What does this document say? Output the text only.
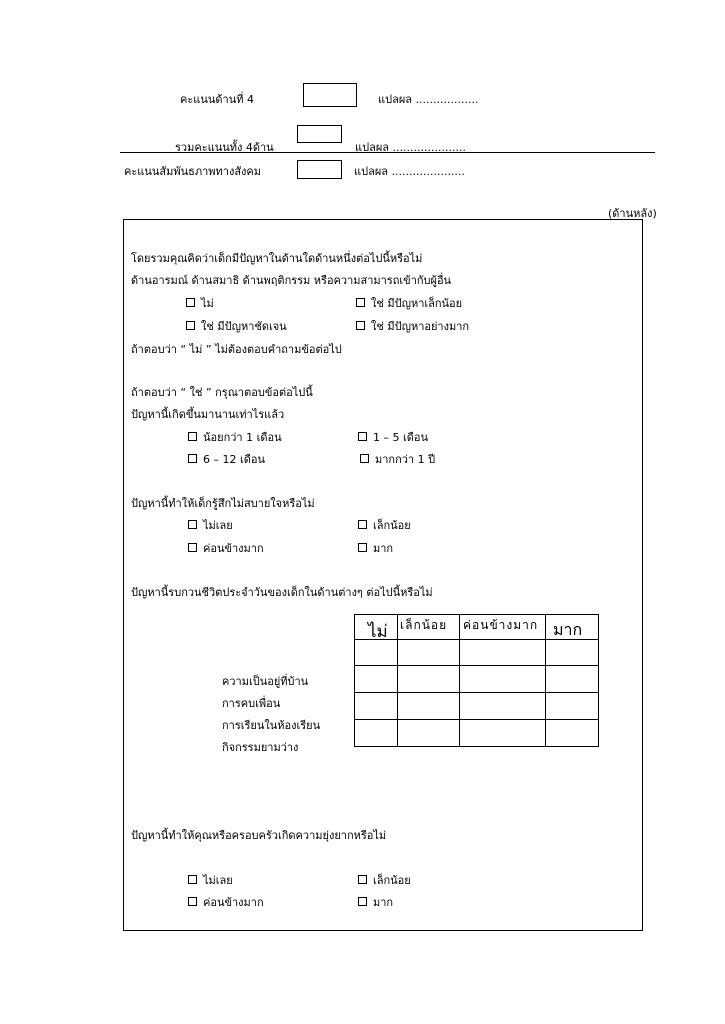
คะแนนด้านที่ 4	แปลผล ..................
รวมคะแนนทั้ง 4ด้าน	แปลผล .....................
คะแนนสัมพันธภาพทางสังคม	แปลผล .....................
(ด้านหลัง)
โดยรวมคุณคิดว่าเด็กมีปัญหาในด้านใดด้านหนึ่งต่อไปนี้หรือไม่
ด้านอารมณ์ ด้านสมาธิ ด้านพฤติกรรม หรือความสามารถเข้ากับผู้อื่น
ไม่	ใช่ มีปัญหาเล็กน้อย
ใช่ มีปัญหาชัดเจน	ใช่ มีปัญหาอย่างมาก
ถ้าตอบว่า “ ไม่ ” ไม่ต้องตอบคำถามข้อต่อไป
ถ้าตอบว่า “ ใช่ ” กรุณาตอบข้อต่อไปนี้
ปัญหานี้เกิดขึ้นมานานเท่าไรแล้ว
น้อยกว่า 1 เดือน	1 – 5 เดือน
6 – 12 เดือน	มากกว่า 1 ปี
ปัญหานี้ทำให้เด็กรู้สึกไม่สบายใจหรือไม่
ไม่เลย	เล็กน้อย
ค่อนข้างมาก	มาก
ปัญหานี้รบกวนชีวิตประจำวันของเด็กในด้านต่างๆ ต่อไปนี้หรือไม่

ไม่ เล็กน้อย ค่อนข้างมาก มาก
ความเป็นอยู่ที่บ้าน
การคบเพื่อน
การเรียนในห้องเรียน
กิจกรรมยามว่าง
ปัญหานี้ทำให้คุณหรือครอบครัวเกิดความยุ่งยากหรือไม่
ไม่เลย	เล็กน้อย
ค่อนข้างมาก	มาก
